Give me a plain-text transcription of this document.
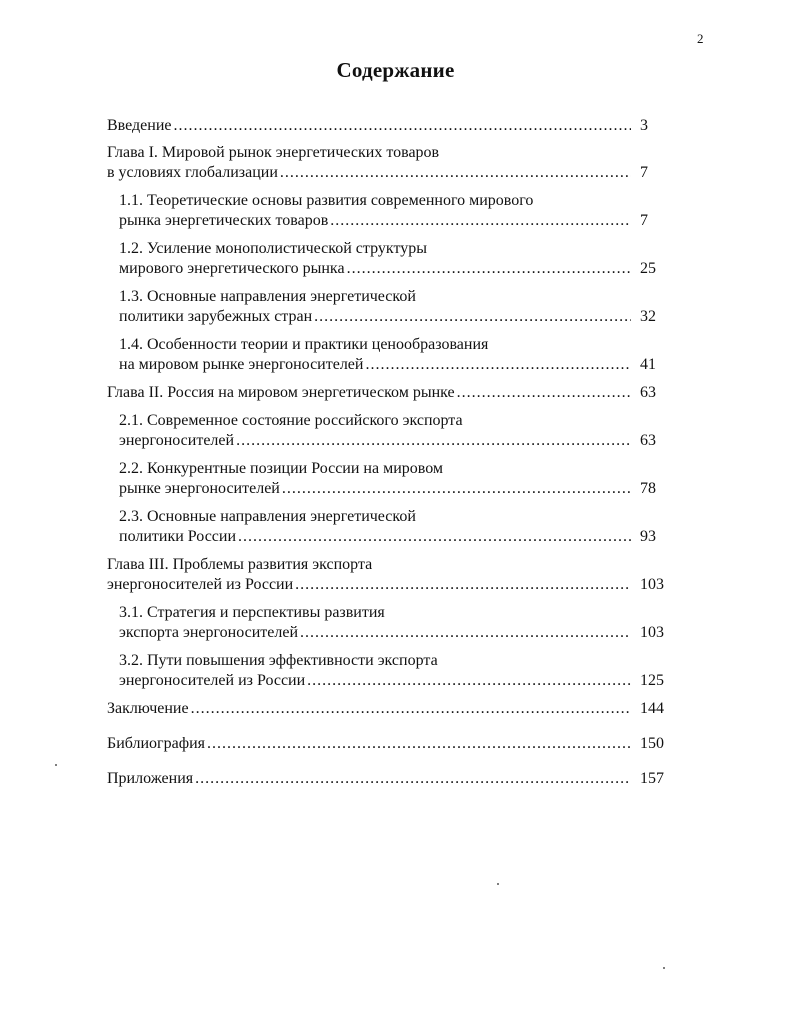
2
Содержание
Введение .....	3
Глава I. Мировой рынок энергетических товаров
в условиях глобализации .....	7
1.1. Теоретические основы развития современного мирового
рынка энергетических товаров .....	7
1.2. Усиление монополистической структуры
мирового энергетического рынка .....	25
1.3. Основные направления энергетической
политики зарубежных стран .....	32
1.4. Особенности теории и практики ценообразования
на мировом рынке энергоносителей .....	41
Глава II. Россия на мировом энергетическом рынке .....	63
2.1. Современное состояние российского экспорта
энергоносителей .....	63
2.2. Конкурентные позиции России на мировом
рынке энергоносителей .....	78
2.3. Основные направления энергетической
политики России .....	93
Глава III. Проблемы развития экспорта
энергоносителей из России .....	103
3.1. Стратегия и перспективы развития
экспорта энергоносителей .....	103
3.2. Пути повышения эффективности экспорта
энергоносителей из России .....	125
Заключение .....	144
Библиография .....	150
Приложения .....	157
